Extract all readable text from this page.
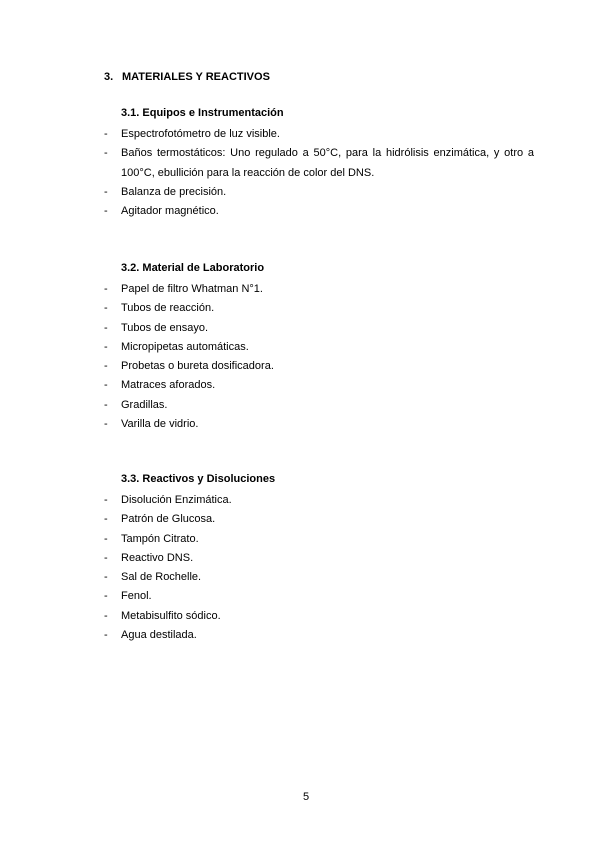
3. MATERIALES Y REACTIVOS
3.1. Equipos e Instrumentación
- Espectrofotómetro de luz visible.
- Baños termostáticos: Uno regulado a 50°C, para la hidrólisis enzimática, y otro a 100°C, ebullición para la reacción de color del DNS.
- Balanza de precisión.
- Agitador magnético.
3.2. Material de Laboratorio
- Papel de filtro Whatman N°1.
- Tubos de reacción.
- Tubos de ensayo.
- Micropipetas automáticas.
- Probetas o bureta dosificadora.
- Matraces aforados.
- Gradillas.
- Varilla de vidrio.
3.3. Reactivos y Disoluciones
- Disolución Enzimática.
- Patrón de Glucosa.
- Tampón Citrato.
- Reactivo DNS.
- Sal de Rochelle.
- Fenol.
- Metabisulfito sódico.
- Agua destilada.
5
